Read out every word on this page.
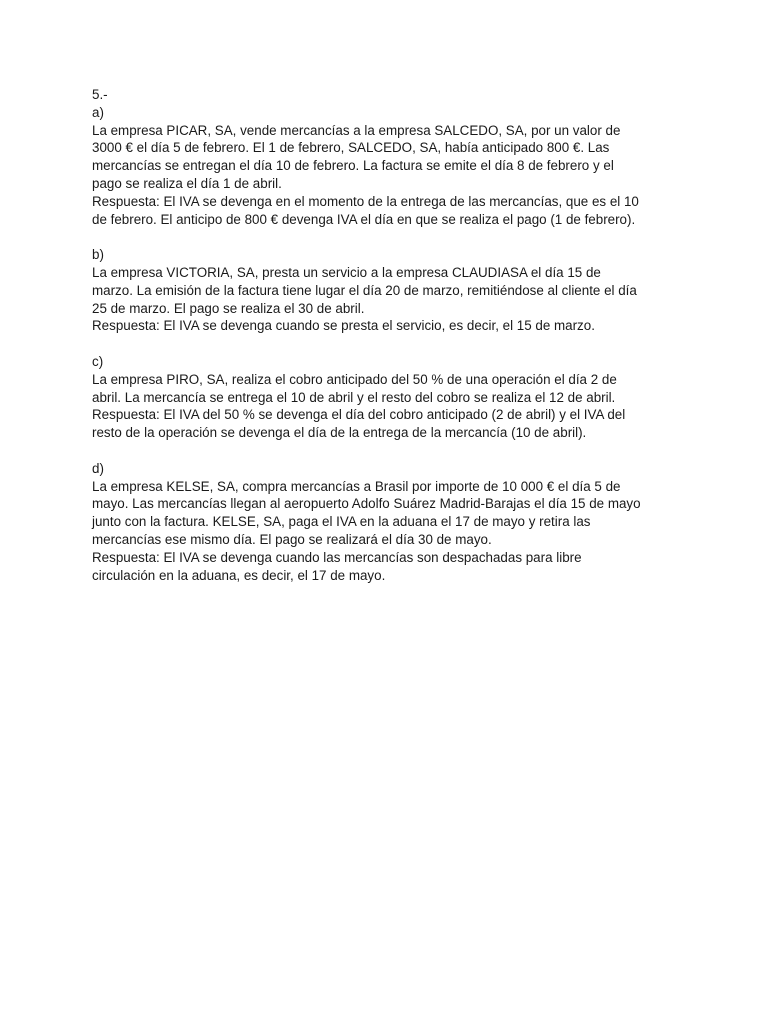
5.-
a)
La empresa PICAR, SA, vende mercancías a la empresa SALCEDO, SA, por un valor de
3000 € el día 5 de febrero. El 1 de febrero, SALCEDO, SA, había anticipado 800 €. Las
mercancías se entregan el día 10 de febrero. La factura se emite el día 8 de febrero y el
pago se realiza el día 1 de abril.
Respuesta: El IVA se devenga en el momento de la entrega de las mercancías, que es el 10
de febrero. El anticipo de 800 € devenga IVA el día en que se realiza el pago (1 de febrero).
b)
La empresa VICTORIA, SA, presta un servicio a la empresa CLAUDIASA el día 15 de
marzo. La emisión de la factura tiene lugar el día 20 de marzo, remitiéndose al cliente el día
25 de marzo. El pago se realiza el 30 de abril.
Respuesta: El IVA se devenga cuando se presta el servicio, es decir, el 15 de marzo.
c)
La empresa PIRO, SA, realiza el cobro anticipado del 50 % de una operación el día 2 de
abril. La mercancía se entrega el 10 de abril y el resto del cobro se realiza el 12 de abril.
Respuesta: El IVA del 50 % se devenga el día del cobro anticipado (2 de abril) y el IVA del
resto de la operación se devenga el día de la entrega de la mercancía (10 de abril).
d)
La empresa KELSE, SA, compra mercancías a Brasil por importe de 10 000 € el día 5 de
mayo. Las mercancías llegan al aeropuerto Adolfo Suárez Madrid-Barajas el día 15 de mayo
junto con la factura. KELSE, SA, paga el IVA en la aduana el 17 de mayo y retira las
mercancías ese mismo día. El pago se realizará el día 30 de mayo.
Respuesta: El IVA se devenga cuando las mercancías son despachadas para libre
circulación en la aduana, es decir, el 17 de mayo.
